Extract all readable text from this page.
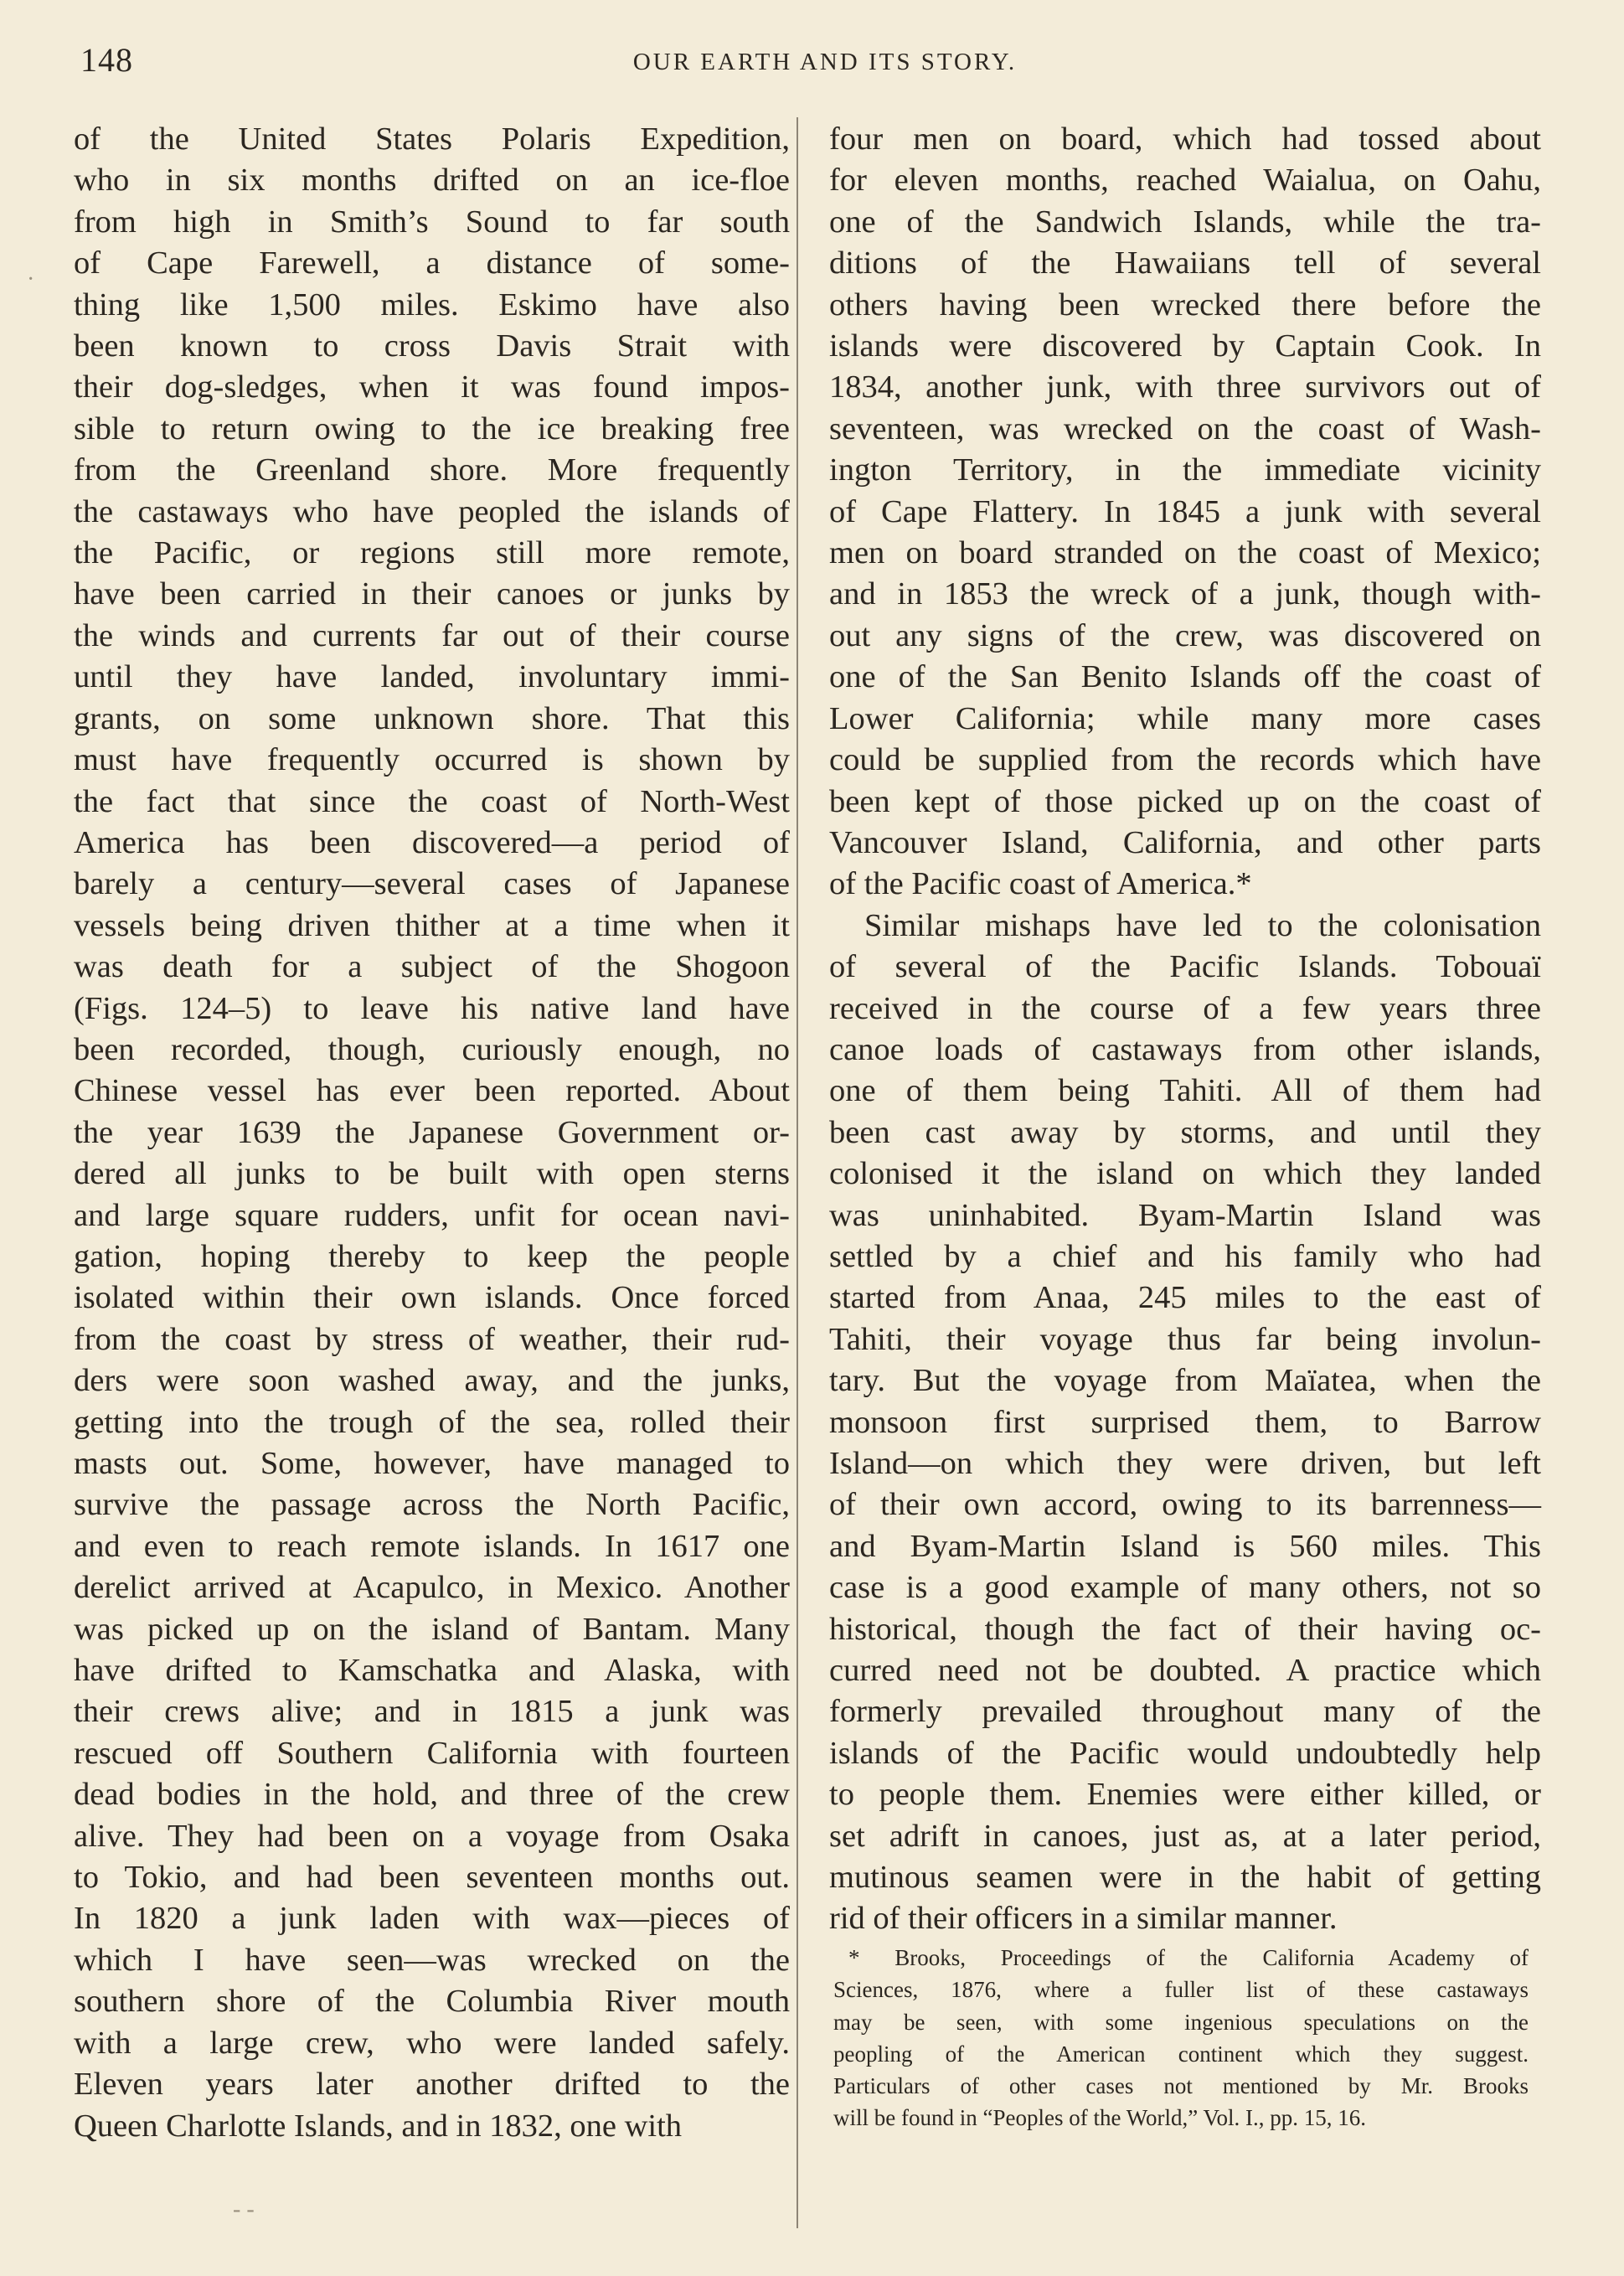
148	OUR EARTH AND ITS STORY.
of the United States Polaris Expedition,
who in six months drifted on an ice-floe
from high in Smith’s Sound to far south
of Cape Farewell, a distance of some-
thing like 1,500 miles. Eskimo have also
been known to cross Davis Strait with
their dog-sledges, when it was found impos-
sible to return owing to the ice breaking free
from the Greenland shore. More frequently
the castaways who have peopled the islands of
the Pacific, or regions still more remote,
have been carried in their canoes or junks by
the winds and currents far out of their course
until they have landed, involuntary immi-
grants, on some unknown shore. That this
must have frequently occurred is shown by
the fact that since the coast of North-West
America has been discovered—a period of
barely a century—several cases of Japanese
vessels being driven thither at a time when it
was death for a subject of the Shogoon
(Figs. 124–5) to leave his native land have
been recorded, though, curiously enough, no
Chinese vessel has ever been reported. About
the year 1639 the Japanese Government or-
dered all junks to be built with open sterns
and large square rudders, unfit for ocean navi-
gation, hoping thereby to keep the people
isolated within their own islands. Once forced
from the coast by stress of weather, their rud-
ders were soon washed away, and the junks,
getting into the trough of the sea, rolled their
masts out. Some, however, have managed to
survive the passage across the North Pacific,
and even to reach remote islands. In 1617 one
derelict arrived at Acapulco, in Mexico. Another
was picked up on the island of Bantam. Many
have drifted to Kamschatka and Alaska, with
their crews alive; and in 1815 a junk was
rescued off Southern California with fourteen
dead bodies in the hold, and three of the crew
alive. They had been on a voyage from Osaka
to Tokio, and had been seventeen months out.
In 1820 a junk laden with wax—pieces of
which I have seen—was wrecked on the
southern shore of the Columbia River mouth
with a large crew, who were landed safely.
Eleven years later another drifted to the
Queen Charlotte Islands, and in 1832, one with
four men on board, which had tossed about
for eleven months, reached Waialua, on Oahu,
one of the Sandwich Islands, while the tra-
ditions of the Hawaiians tell of several
others having been wrecked there before the
islands were discovered by Captain Cook. In
1834, another junk, with three survivors out of
seventeen, was wrecked on the coast of Wash-
ington Territory, in the immediate vicinity
of Cape Flattery. In 1845 a junk with several
men on board stranded on the coast of Mexico;
and in 1853 the wreck of a junk, though with-
out any signs of the crew, was discovered on
one of the San Benito Islands off the coast of
Lower California; while many more cases
could be supplied from the records which have
been kept of those picked up on the coast of
Vancouver Island, California, and other parts
of the Pacific coast of America.*
Similar mishaps have led to the colonisation
of several of the Pacific Islands. Tobouaï
received in the course of a few years three
canoe loads of castaways from other islands,
one of them being Tahiti. All of them had
been cast away by storms, and until they
colonised it the island on which they landed
was uninhabited. Byam-Martin Island was
settled by a chief and his family who had
started from Anaa, 245 miles to the east of
Tahiti, their voyage thus far being involun-
tary. But the voyage from Maïatea, when the
monsoon first surprised them, to Barrow
Island—on which they were driven, but left
of their own accord, owing to its barrenness—
and Byam-Martin Island is 560 miles. This
case is a good example of many others, not so
historical, though the fact of their having oc-
curred need not be doubted. A practice which
formerly prevailed throughout many of the
islands of the Pacific would undoubtedly help
to people them. Enemies were either killed, or
set adrift in canoes, just as, at a later period,
mutinous seamen were in the habit of getting
rid of their officers in a similar manner.
* Brooks, Proceedings of the California Academy of
Sciences, 1876, where a fuller list of these castaways
may be seen, with some ingenious speculations on the
peopling of the American continent which they suggest.
Particulars of other cases not mentioned by Mr. Brooks
will be found in “Peoples of the World,” Vol. I., pp. 15, 16.
·
- -
